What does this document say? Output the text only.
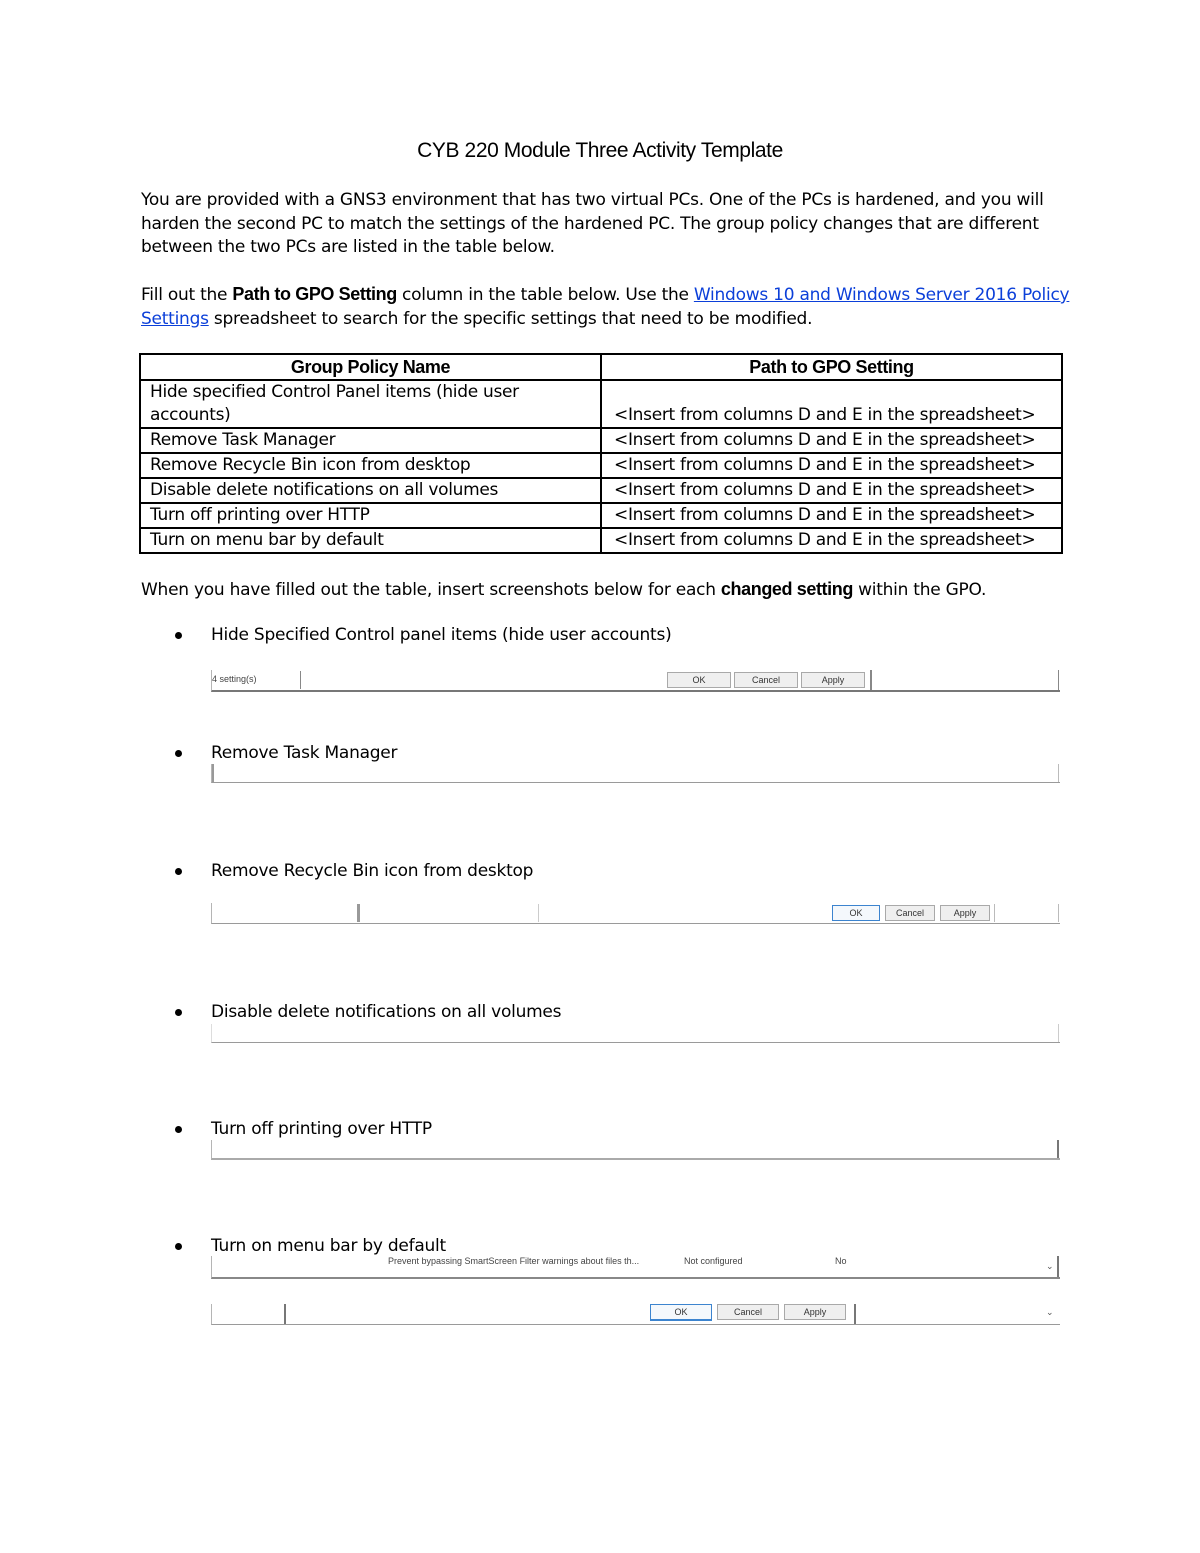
CYB 220 Module Three Activity Template
You are provided with a GNS3 environment that has two virtual PCs. One of the PCs is hardened, and you will harden the second PC to match the settings of the hardened PC. The group policy changes that are different between the two PCs are listed in the table below.
Fill out the Path to GPO Setting column in the table below. Use the Windows 10 and Windows Server 2016 Policy Settings spreadsheet to search for the specific settings that need to be modified.
Group Policy Name	Path to GPO Setting
Hide specified Control Panel items (hide user accounts)	<Insert from columns D and E in the spreadsheet>
Remove Task Manager	<Insert from columns D and E in the spreadsheet>
Remove Recycle Bin icon from desktop	<Insert from columns D and E in the spreadsheet>
Disable delete notifications on all volumes	<Insert from columns D and E in the spreadsheet>
Turn off printing over HTTP	<Insert from columns D and E in the spreadsheet>
Turn on menu bar by default	<Insert from columns D and E in the spreadsheet>
When you have filled out the table, insert screenshots below for each changed setting within the GPO.
Hide Specified Control panel items (hide user accounts)
4 setting(s)	OK	Cancel	Apply
Remove Task Manager
Remove Recycle Bin icon from desktop
OK	Cancel	Apply
Disable delete notifications on all volumes
Turn off printing over HTTP
Turn on menu bar by default
Prevent bypassing SmartScreen Filter warnings about files th...	Not configured	No
⌄
OK	Cancel	Apply	⌄
